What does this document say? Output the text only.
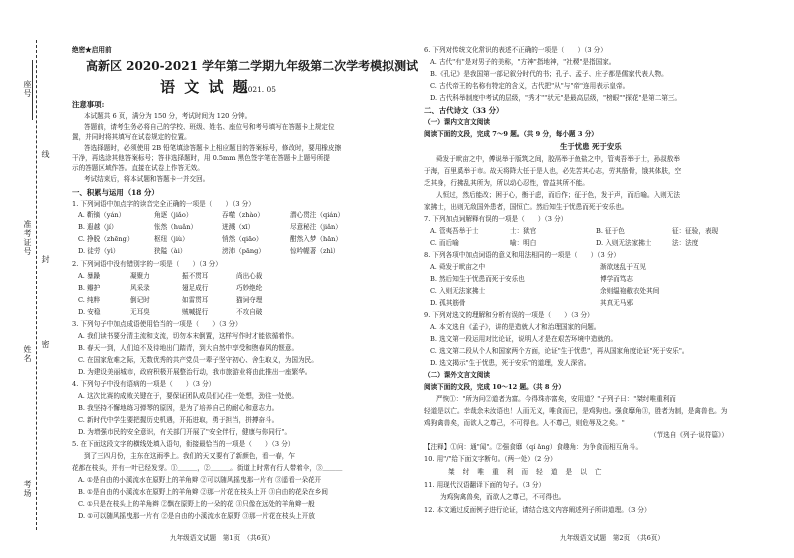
座号
线
准考证号
封
密
姓名
考场
绝密★启用前
高新区 2020-2021 学年第二学期九年级第二次学考模拟测试
语 文 试 题
2021. 05
注意事项:
本试题共 6 页，满分为 150 分，考试时间为 120 分钟。
答题前，请考生务必将自己的学校、班级、姓名、座位号和考号填写在答题卡上规定位
置，并同时将其填写在试卷规定的位置。
答选择题时，必须使用 2B 铅笔填涂答题卡上相应题目的答案标号，修改时，要用橡皮擦
干净，再选涂其他答案标号；答非选择题时，用 0.5mm 黑色签字笔在答题卡上题号所提
示的答题区域作答。直接在试卷上作答无效。
考试结束后，将本试题和答题卡一并交回。
一、积累与运用（18 分）
1. 下列词语中加点字的读音完全正确的一项是（　　）（3 分）
A. 靳镝（yán）	角逐（jiǎo）	吞噬（zhào）	潜心贯注（qián）
B. 遐越（jí）	怅然（huǎn）	迸溅（xī）	尽意秘注（jiǎn）
C. 挣脱（zhēng）	枢纽（jiù）	悄然（qiāo）	酣然入梦（hān）
D. 徒劳（yì）	狭隘（ài）	滂沛（pāng）	惊吟幄著（zhì）
2. 下列词语中没有错别字的一项是（　　）（3 分）
A. 暴躁	凝聚力	振不贯耳	尚出心裁
B. 瓣护	风采录	翅足成行	巧妙绝纶
C. 纯粹	倒记时	如雷贯耳	猫词夺理
D. 安稳	无耳臭	贼喊捉行	不攻自破
3. 下列句子中加点成语使用恰当的一项是（　　）（3 分）
A. 我们读书要分清主流和支流，切勿本末倒置，这样写作时才能依循着作。
B. 春天一到，人们迫不及待地出门踏青，到大自然中享受和煦春风的惬意。
C. 在国家危难之际，无数优秀的共产党员一辈子坚守初心、舍生取义，为国为民。
D. 为建设美丽城市，政府积极开展整治行动，我市旅游业将由此推出一座繁华。
4. 下列句子中没有语病的一项是（　　）（3 分）
A. 这次比赛的成败关键在于，要保证团队成员们心往一处想，劲往一处使。
B. 我坚持不懈地练习弹琴的原因，是为了培养自己的耐心和意志力。
C. 新时代中学生要把握历史机遇，开拓进取，勇于担当，拼搏奋斗。
D. 为增强市民的安全意识，有关部门开展了"安全伴行，健康与你同行"。
5. 在下面这段文字的横线处填入语句，衔接最恰当的一项是（　　）（3 分）
到了三四月份，主东在这雨季上。我们的天又要有了新颜色，看一春，乍
花都在枝头，并有一叶已经发芽。①＿＿＿，②＿＿＿。街道上时常有行人带着伞，③＿＿＿
A. ①是自由的小溪流水在原野上的羊角辫 ②可以随风摇曳那一片有 ③遥看一朵花开
B. ①是自由的小溪流水在原野上的羊角辫 ②那一片花在枝头上开 ③自由的花朵在乡间
C. ①只是在枝头上的羊角辫 ②飘在原野上的一朵的花 ③只像在远处的羊角辫一般
D. ①可以随风摇曳那一片有 ②是自由的小溪流水在原野 ③那一片花在枝头上开放
九年级语文试题　第1页　（共6页）
6. 下列对传统文化常识的表述不正确的一项是（　　）（3 分）
A. 古代"有"是对男子的美称，"方神"指地神，"社稷"是指国家。
B.《孔记》是我国第一部记叙分时代的书；孔子、孟子、庄子都是儒家代表人物。
C. 古代帝王的名称有特定的含义，古代把"从"与"帝"连用表示皇帝。
D. 古代科举制度中考试的层级，"秀才""状元"是最高层级，"榜眼""探花"是第二第三。
二、古代诗文（33 分）
（一）课内文言文阅读
阅读下面的文段，完成 7～9 题。（共 9 分，每小题 3 分）
生于忧患 死于安乐
舜发于畎亩之中，傅说举于版筑之间，胶鬲举于鱼盐之中，管夷吾举于士，孙叔敖举
于海，百里奚举于市。故天将降大任于是人也，必先苦其心志，劳其筋骨，饿其体肤，空
乏其身，行拂乱其所为，所以动心忍性，曾益其所不能。
人恒过，然后能改；困于心，衡于虑，而后作；征于色，发于声，而后喻。入则无法
家拂士，出则无敌国外患者，国恒亡。然后知生于忧患而死于安乐也。
7. 下列加点词解释有误的一项是（　　）（3 分）
A. 管夷吾举于士	士：狱官	B. 征于色	征：征验，表现
C. 而后喻	喻：明白	D. 入则无法家拂士	法：法度
8. 下列各项中加点词语的意义和用法相同的一项是（　　）（3 分）
A. 舜发于畎亩之中	渐欲迷乱于互见
B. 然后知生于忧患而死于安乐也	博学而笃志
C. 入则无法家拂士	余则缊袍敝衣处其间
D. 孤其筋骨	其真无马邪
9. 下列对选文的理解和分析有误的一项是（　　）（3 分）
A. 本文选自《孟子》，讲的是造就人才和治理国家的问题。
B. 选文第一段运用对比论证，说明人才是在艰苦环境中造就的。
C. 选文第二段从个人和国家两个方面，论证"生于忧患"，再从国家角度论证"死于安乐"。
D. 选文揭示"生于忧患，死于安乐"的道理，发人深省。
（二）课外文言文阅读
阅读下面的文段，完成 10～12 题。（共 8 分）
严恢①："所为问②道者为富。今得珠亦富矣，安用道？"子列子曰："桀纣唯重利而
轻道是以亡。幸哉余未汝语也！人而无义，唯食而已，是鸡狗也。强食靡角③，胜者为制，是禽兽也。为
鸡狗禽兽矣，而欲人之尊己，不可得也。人不尊己，则危辱及之矣。"
（节选自《列子·说符篇》）
【注释】①问：通"闻"。②强食靡（qí ǎng）食趣角：为争食而相互角斗。
10. 用"/"给下面文字断句。（两一处）（2 分）
桀 纣 唯 重 利 而 轻 道 是 以 亡
11. 用现代汉语翻译下面的句子。（3 分）
为鸡狗禽兽矣，而欲人之尊己，不可得也。
12. 本文通过反面例子进行论证，请结合选文内容阐述列子所讲道理。（3 分）
九年级语文试题　第2页　（共6页）
